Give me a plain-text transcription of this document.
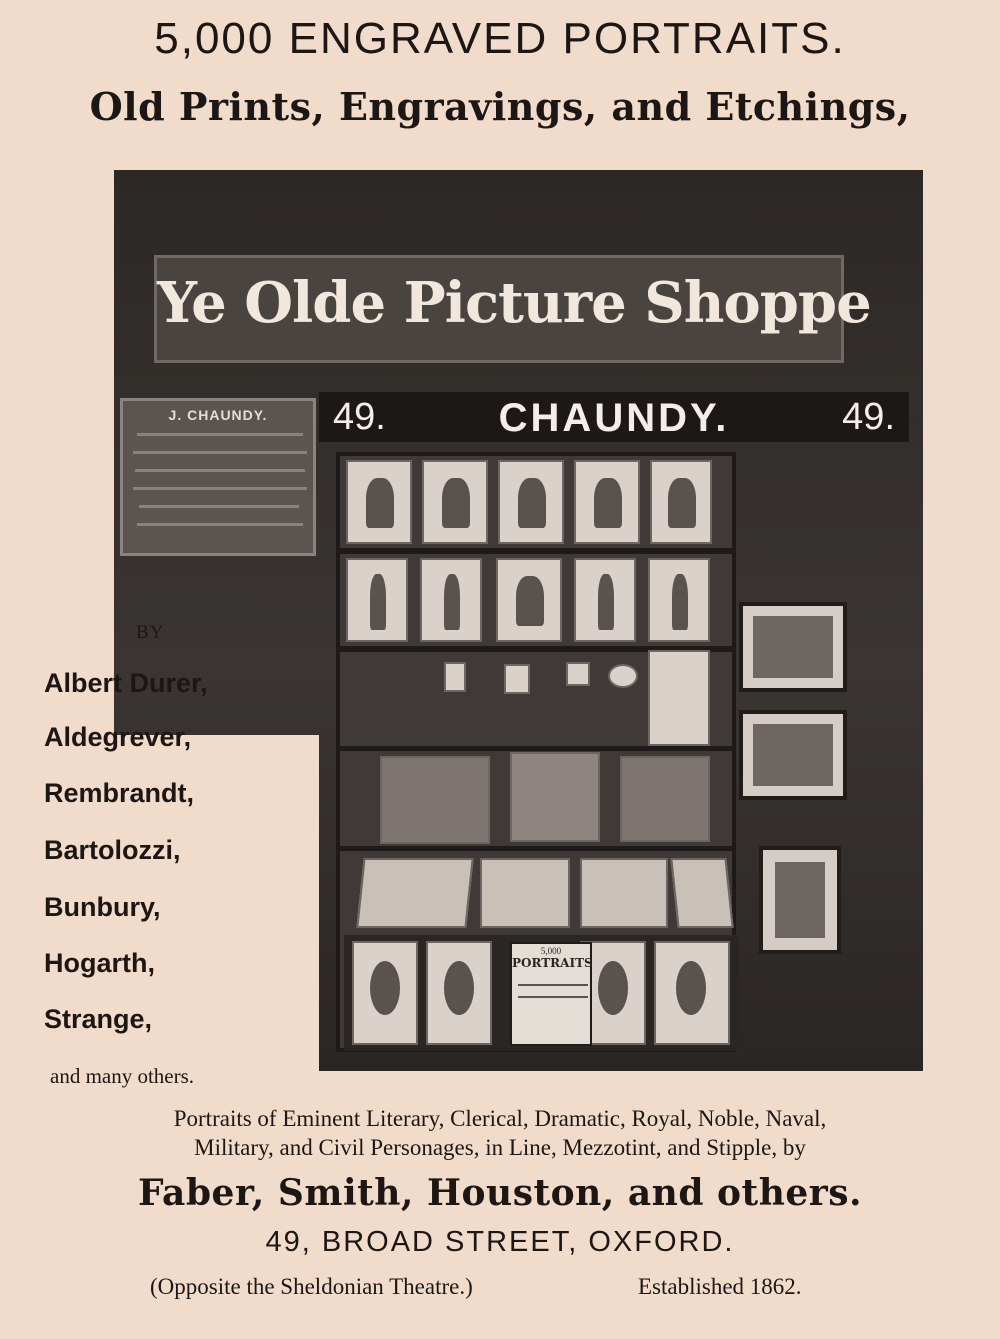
5,000 ENGRAVED PORTRAITS.
Old Prints, Engravings, and Etchings,
Ye Olde Picture Shoppe
J. CHAUNDY.	49.	CHAUNDY.	49.
5,000
PORTRAITS
BY
Albert Durer,
Aldegrever,
Rembrandt,
Bartolozzi,
Bunbury,
Hogarth,
Strange,
and many others.
Portraits of Eminent Literary, Clerical, Dramatic, Royal, Noble, Naval,
Military, and Civil Personages, in Line, Mezzotint, and Stipple, by
Faber, Smith, Houston, and others.
49, BROAD STREET, OXFORD.
(Opposite the Sheldonian Theatre.)	Established 1862.
